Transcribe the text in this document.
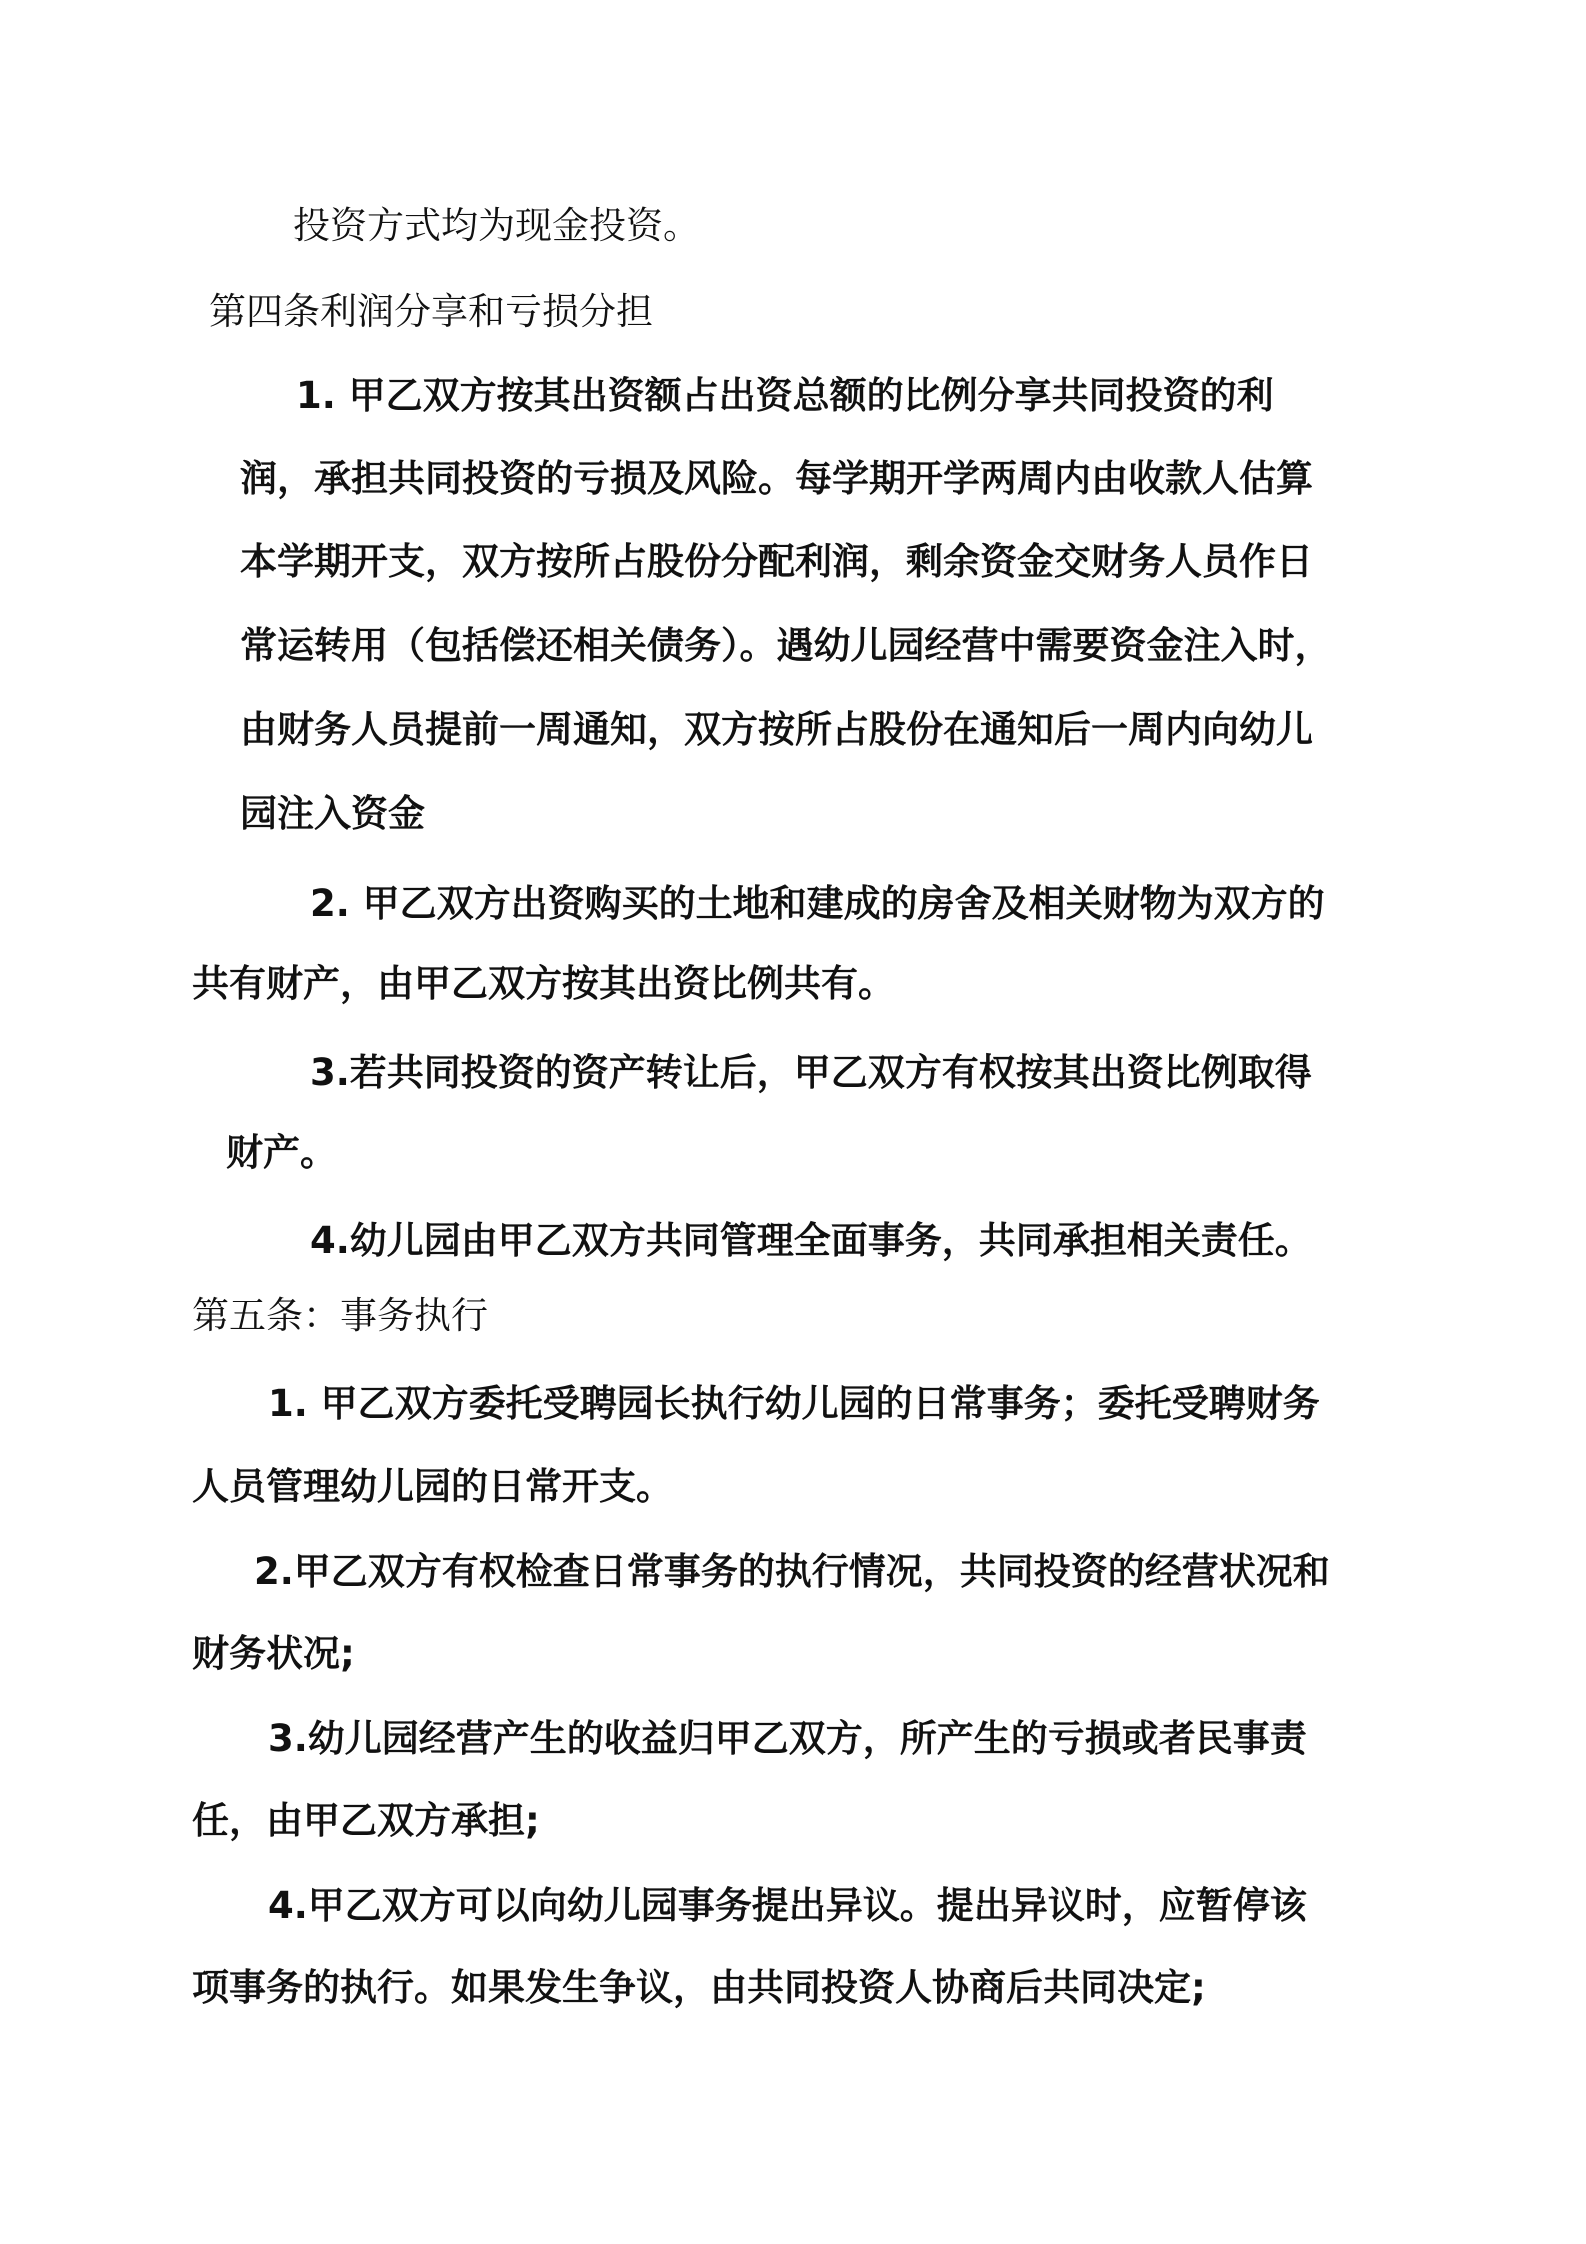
投资方式均为现金投资。
第四条利润分享和亏损分担
1. 甲乙双方按其出资额占出资总额的比例分享共同投资的利
润，承担共同投资的亏损及风险。每学期开学两周内由收款人估算
本学期开支，双方按所占股份分配利润，剩余资金交财务人员作日
常运转用（包括偿还相关债务）。遇幼儿园经营中需要资金注入时，
由财务人员提前一周通知，双方按所占股份在通知后一周内向幼儿
园注入资金
2. 甲乙双方出资购买的土地和建成的房舍及相关财物为双方的
共有财产，由甲乙双方按其出资比例共有。
3.若共同投资的资产转让后，甲乙双方有权按其出资比例取得
财产。
4.幼儿园由甲乙双方共同管理全面事务，共同承担相关责任。
第五条：事务执行
1. 甲乙双方委托受聘园长执行幼儿园的日常事务；委托受聘财务
人员管理幼儿园的日常开支。
2.甲乙双方有权检查日常事务的执行情况，共同投资的经营状况和
财务状况;
3.幼儿园经营产生的收益归甲乙双方，所产生的亏损或者民事责
任，由甲乙双方承担;
4.甲乙双方可以向幼儿园事务提出异议。提出异议时，应暂停该
项事务的执行。如果发生争议，由共同投资人协商后共同决定;
